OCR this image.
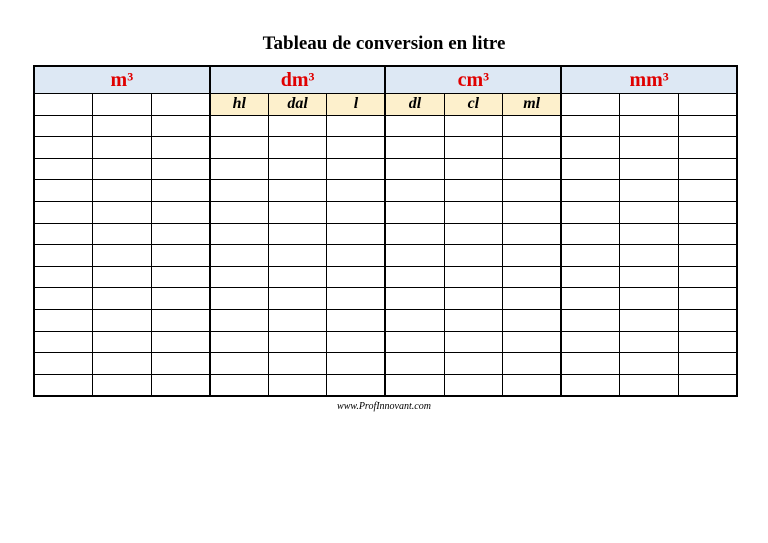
Tableau de conversion en litre
m³			dm³			cm³			mm³		
			hl	dal	l	dl	cl	ml			

www.ProfInnovant.com
